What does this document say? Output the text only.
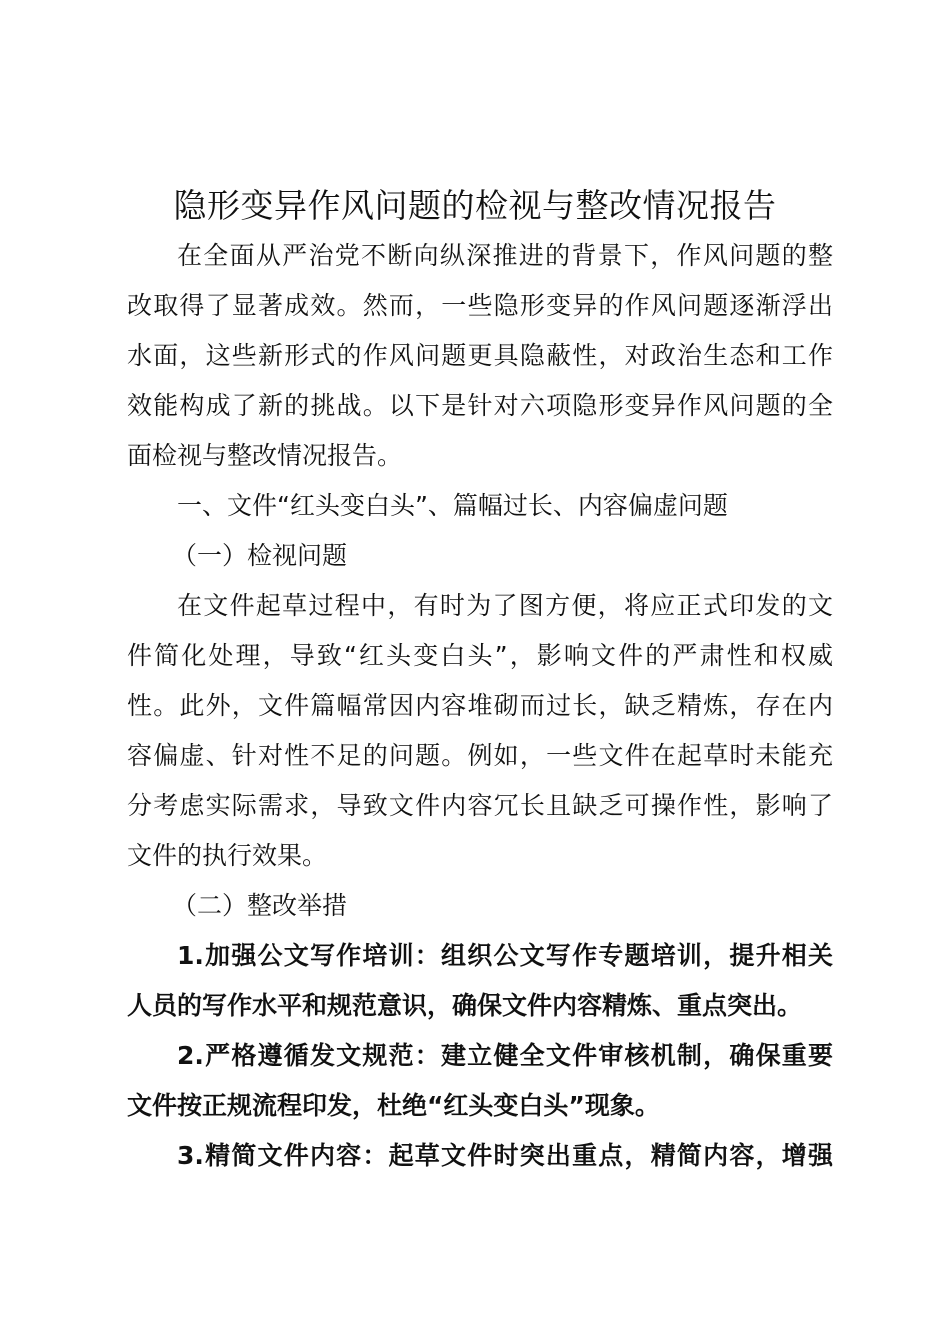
隐形变异作风问题的检视与整改情况报告
在全面从严治党不断向纵深推进的背景下，作风问题的整
改取得了显著成效。然而，一些隐形变异的作风问题逐渐浮出
水面，这些新形式的作风问题更具隐蔽性，对政治生态和工作
效能构成了新的挑战。以下是针对六项隐形变异作风问题的全
面检视与整改情况报告。
一、文件“红头变白头”、篇幅过长、内容偏虚问题
（一）检视问题
在文件起草过程中，有时为了图方便，将应正式印发的文
件简化处理，导致“红头变白头”，影响文件的严肃性和权威
性。此外，文件篇幅常因内容堆砌而过长，缺乏精炼，存在内
容偏虚、针对性不足的问题。例如，一些文件在起草时未能充
分考虑实际需求，导致文件内容冗长且缺乏可操作性，影响了
文件的执行效果。
（二）整改举措
1.加强公文写作培训：组织公文写作专题培训，提升相关
人员的写作水平和规范意识，确保文件内容精炼、重点突出。
2.严格遵循发文规范：建立健全文件审核机制，确保重要
文件按正规流程印发，杜绝“红头变白头”现象。
3.精简文件内容：起草文件时突出重点，精简内容，增强
